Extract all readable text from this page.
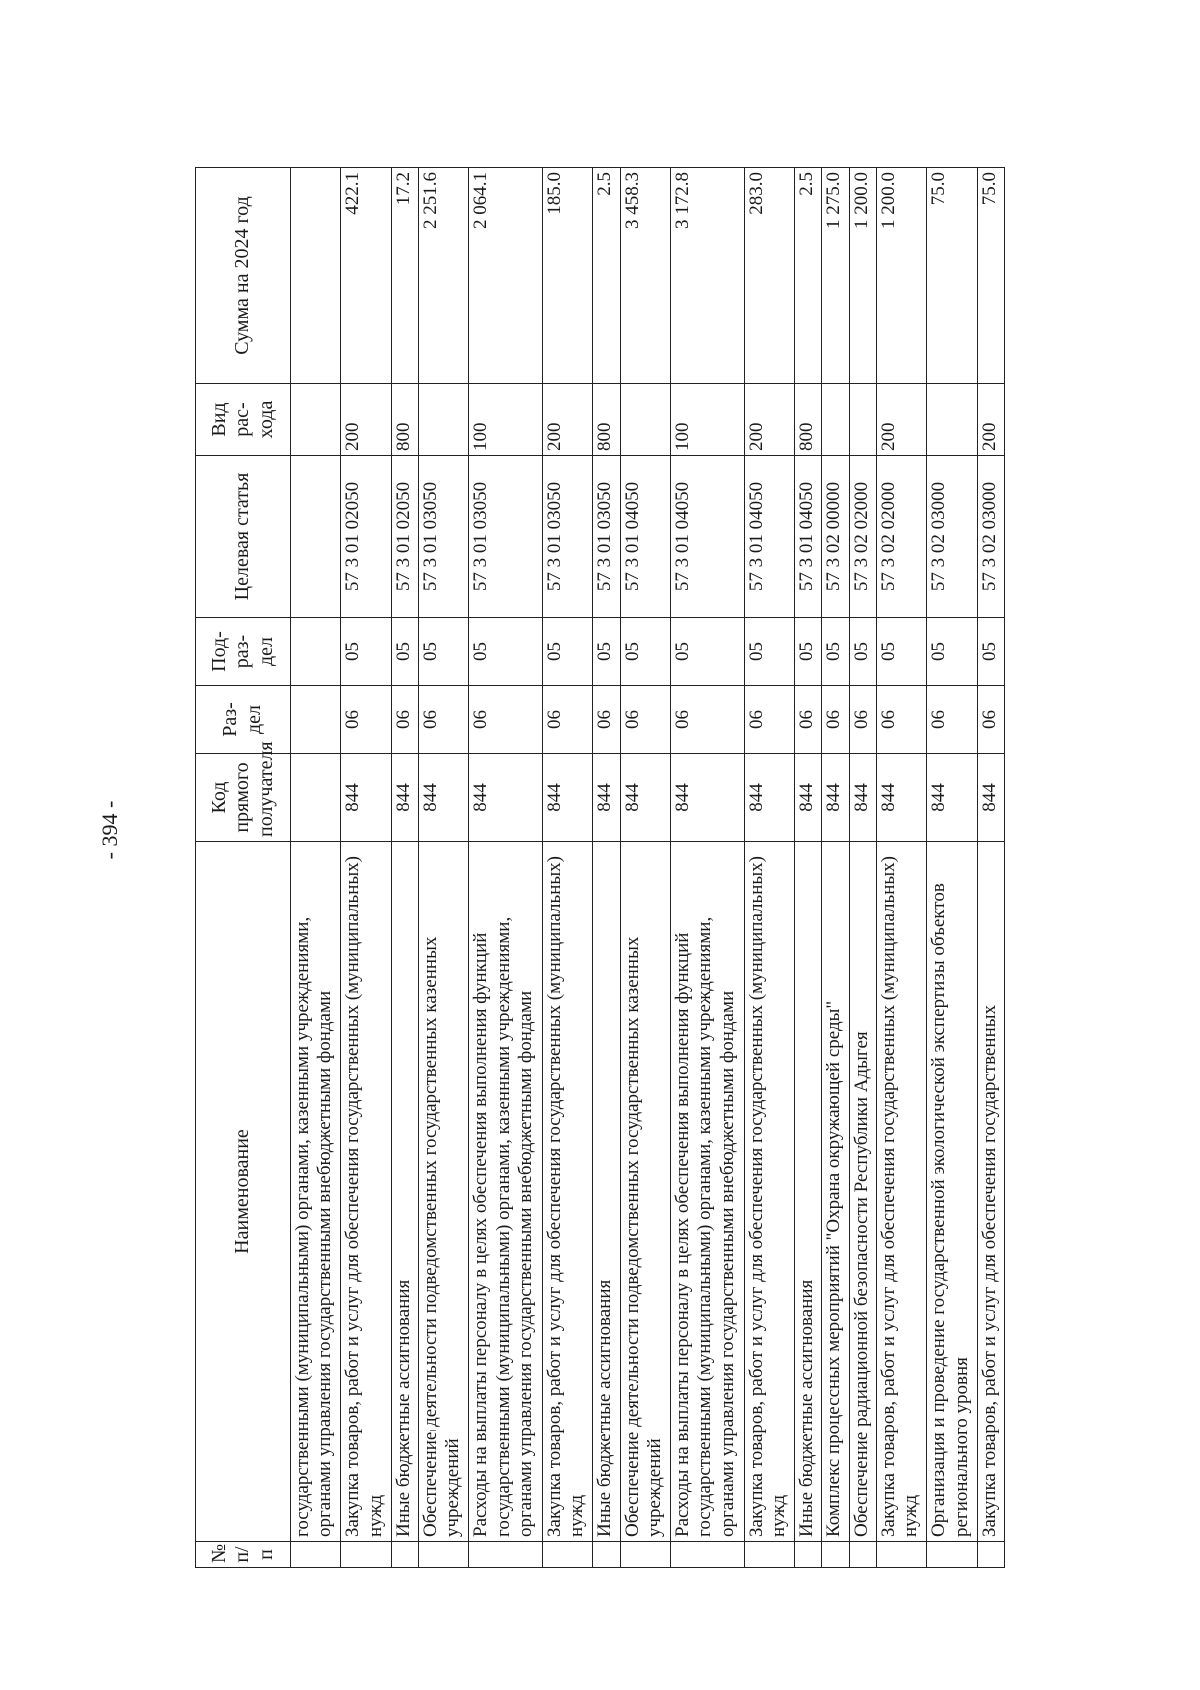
- 394 -
№ п/п	Наименование	Код прямого получателя	Раз-дел	Под-раз-дел	Целевая статья	Вид рас-хода	Сумма на 2024 год
	государственными (муниципальными) органами, казенными учреждениями, органами управления государственными внебюджетными фондами						
	Закупка товаров, работ и услуг для обеспечения государственных (муниципальных) нужд	844	06	05	57 3 01 02050	200	422.1
	Иные бюджетные ассигнования	844	06	05	57 3 01 02050	800	17.2
	Обеспечение деятельности подведомственных государственных казенных учреждений	844	06	05	57 3 01 03050		2 251.6
	Расходы на выплаты персоналу в целях обеспечения выполнения функций государственными (муниципальными) органами, казенными учреждениями, органами управления государственными внебюджетными фондами	844	06	05	57 3 01 03050	100	2 064.1
	Закупка товаров, работ и услуг для обеспечения государственных (муниципальных) нужд	844	06	05	57 3 01 03050	200	185.0
	Иные бюджетные ассигнования	844	06	05	57 3 01 03050	800	2.5
	Обеспечение деятельности подведомственных государственных казенных учреждений	844	06	05	57 3 01 04050		3 458.3
	Расходы на выплаты персоналу в целях обеспечения выполнения функций государственными (муниципальными) органами, казенными учреждениями, органами управления государственными внебюджетными фондами	844	06	05	57 3 01 04050	100	3 172.8
	Закупка товаров, работ и услуг для обеспечения государственных (муниципальных) нужд	844	06	05	57 3 01 04050	200	283.0
	Иные бюджетные ассигнования	844	06	05	57 3 01 04050	800	2.5
	Комплекс процессных мероприятий "Охрана окружающей среды"	844	06	05	57 3 02 00000		1 275.0
	Обеспечение радиационной безопасности Республики Адыгея	844	06	05	57 3 02 02000		1 200.0
	Закупка товаров, работ и услуг для обеспечения государственных (муниципальных) нужд	844	06	05	57 3 02 02000	200	1 200.0
	Организация и проведение государственной экологической экспертизы объектов регионального уровня	844	06	05	57 3 02 03000		75.0
	Закупка товаров, работ и услуг для обеспечения государственных	844	06	05	57 3 02 03000	200	75.0
